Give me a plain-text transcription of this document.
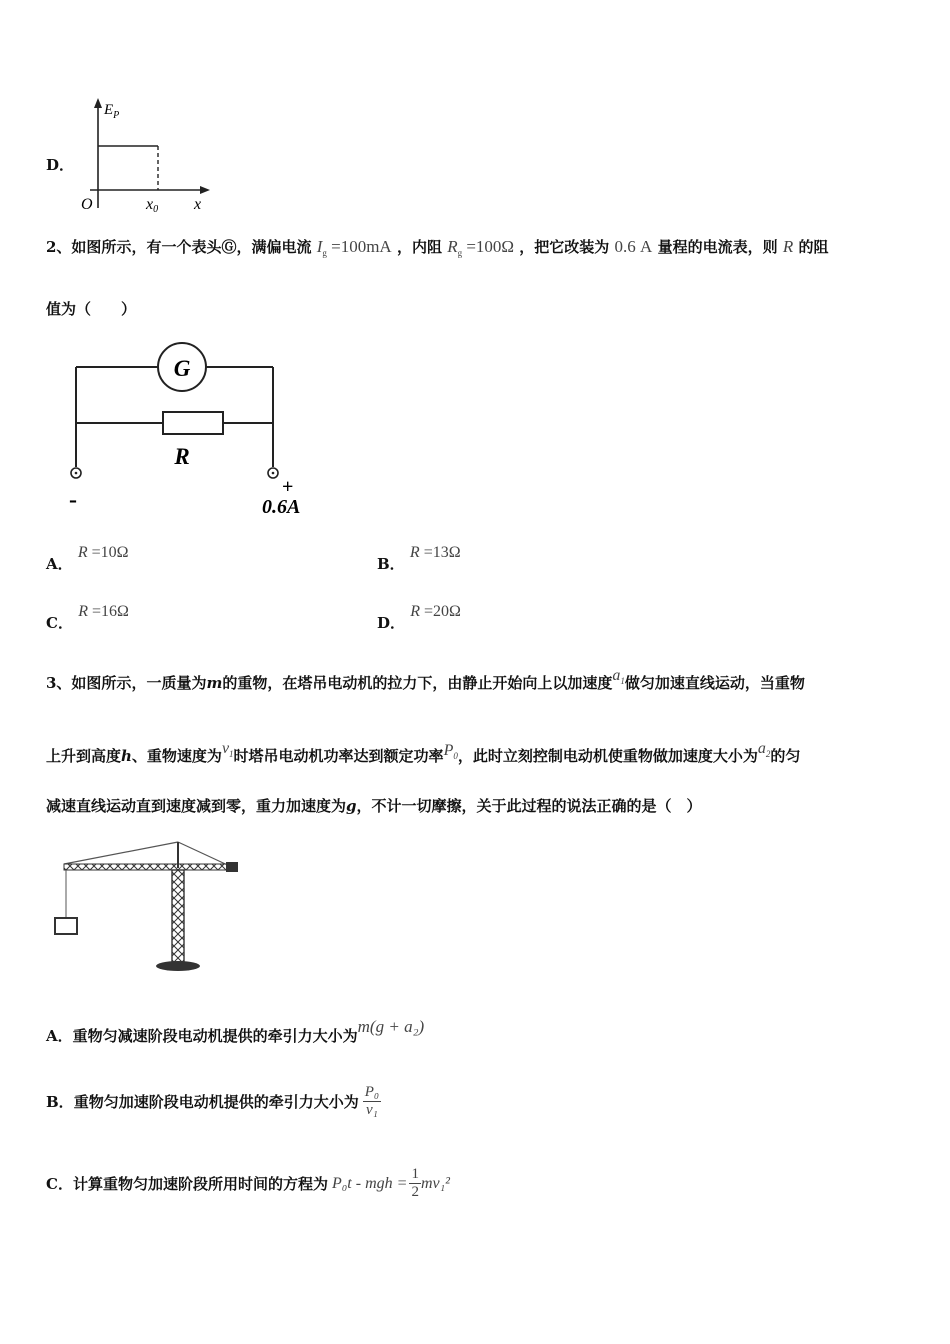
D．
$E_P$
O	x0 x
2、如图所示，有一个表头Ⓖ，满偏电流 $I_g =100mA$ ，内阻 $R_g =100\Omega$ ，把它改装为 0.6 A 量程的电流表，则 R 的阻
值为（　　）
G
R
-	+
0.6A
A． R =10Ω
B． R =13Ω
C． R =16Ω
D． R =20Ω
3、如图所示，一质量为m的重物，在塔吊电动机的拉力下，由静止开始向上以加速度$a_1$做匀加速直线运动，当重物
上升到高度h、重物速度为$v_1$时塔吊电动机功率达到额定功率$P_0$，此时立刻控制电动机使重物做加速度大小为$a_2$的匀
减速直线运动直到速度减到零，重力加速度为g，不计一切摩擦，关于此过程的说法正确的是（　）
A．重物匀减速阶段电动机提供的牵引力大小为m(g + a₂)
B． 重物匀加速阶段电动机提供的牵引力大小为 $\frac{\text{P₀}}{\text{v₁}}$
C． 计算重物匀加速阶段所用时间的方程为 P₀t - mgh = $\frac{1}{2} mv_1^2$
